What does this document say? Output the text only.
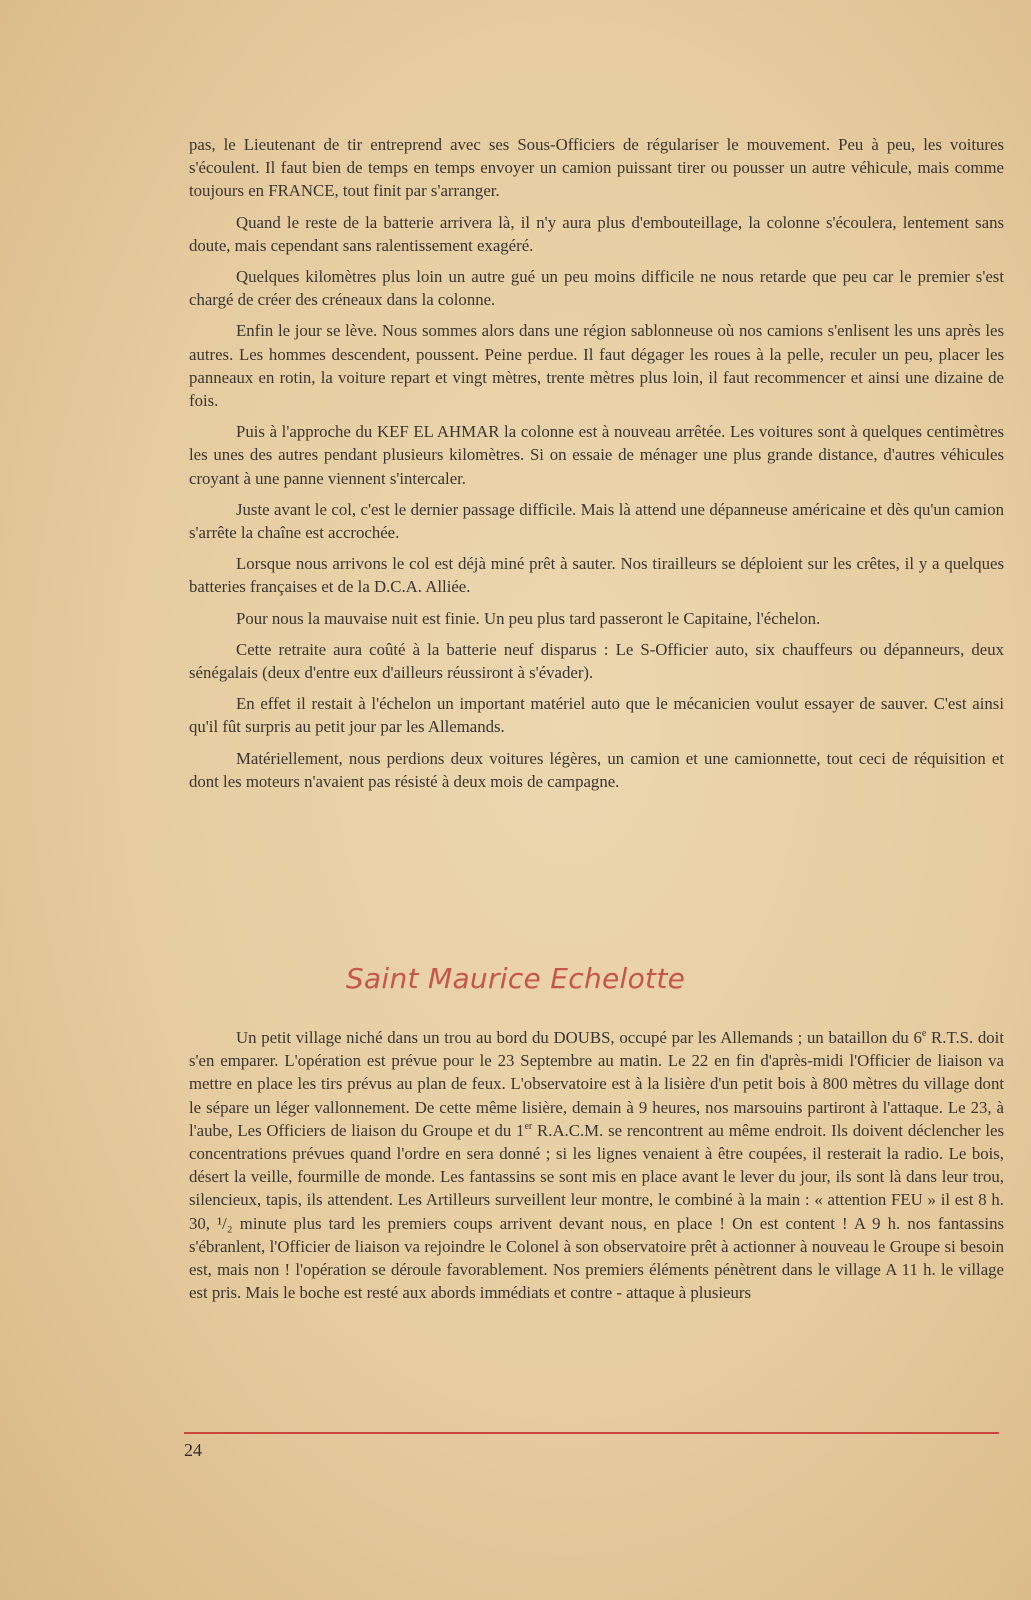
pas, le Lieutenant de tir entreprend avec ses Sous-Officiers de régulariser le mouvement. Peu à peu, les voitures s'écoulent. Il faut bien de temps en temps envoyer un camion puissant tirer ou pousser un autre véhicule, mais comme toujours en FRANCE, tout finit par s'arranger.

Quand le reste de la batterie arrivera là, il n'y aura plus d'embouteillage, la colonne s'écoulera, lentement sans doute, mais cependant sans ralentissement exagéré.

Quelques kilomètres plus loin un autre gué un peu moins difficile ne nous retarde que peu car le premier s'est chargé de créer des créneaux dans la colonne.

Enfin le jour se lève. Nous sommes alors dans une région sablonneuse où nos camions s'enlisent les uns après les autres. Les hommes descendent, poussent. Peine perdue. Il faut dégager les roues à la pelle, reculer un peu, placer les panneaux en rotin, la voiture repart et vingt mètres, trente mètres plus loin, il faut recommencer et ainsi une dizaine de fois.

Puis à l'approche du KEF EL AHMAR la colonne est à nouveau arrêtée. Les voitures sont à quelques centimètres les unes des autres pendant plusieurs kilomètres. Si on essaie de ménager une plus grande distance, d'autres véhicules croyant à une panne viennent s'intercaler.

Juste avant le col, c'est le dernier passage difficile. Mais là attend une dépanneuse américaine et dès qu'un camion s'arrête la chaîne est accrochée.

Lorsque nous arrivons le col est déjà miné prêt à sauter. Nos tirailleurs se déploient sur les crêtes, il y a quelques batteries françaises et de la D.C.A. Alliée.

Pour nous la mauvaise nuit est finie. Un peu plus tard passeront le Capitaine, l'échelon.

Cette retraite aura coûté à la batterie neuf disparus : Le S-Officier auto, six chauffeurs ou dépanneurs, deux sénégalais (deux d'entre eux d'ailleurs réussiront à s'évader).

En effet il restait à l'échelon un important matériel auto que le mécanicien voulut essayer de sauver. C'est ainsi qu'il fût surpris au petit jour par les Allemands.

Matériellement, nous perdions deux voitures légères, un camion et une camionnette, tout ceci de réquisition et dont les moteurs n'avaient pas résisté à deux mois de campagne.

Saint Maurice Echelotte

Un petit village niché dans un trou au bord du DOUBS, occupé par les Allemands ; un bataillon du 6e R.T.S. doit s'en emparer. L'opération est prévue pour le 23 Septembre au matin. Le 22 en fin d'après-midi l'Officier de liaison va mettre en place les tirs prévus au plan de feux. L'observatoire est à la lisière d'un petit bois à 800 mètres du village dont le sépare un léger vallonnement. De cette même lisière, demain à 9 heures, nos marsouins partiront à l'attaque. Le 23, à l'aube, Les Officiers de liaison du Groupe et du 1er R.A.C.M. se rencontrent au même endroit. Ils doivent déclencher les concentrations prévues quand l'ordre en sera donné ; si les lignes venaient à être coupées, il resterait la radio. Le bois, désert la veille, fourmille de monde. Les fantassins se sont mis en place avant le lever du jour, ils sont là dans leur trou, silencieux, tapis, ils attendent. Les Artilleurs surveillent leur montre, le combiné à la main : « attention FEU » il est 8 h. 30, ¹/₂ minute plus tard les premiers coups arrivent devant nous, en place ! On est content ! A 9 h. nos fantassins s'ébranlent, l'Officier de liaison va rejoindre le Colonel à son observatoire prêt à actionner à nouveau le Groupe si besoin est, mais non ! l'opération se déroule favorablement. Nos premiers éléments pénètrent dans le village A 11 h. le village est pris. Mais le boche est resté aux abords immédiats et contre - attaque à plusieurs

24
